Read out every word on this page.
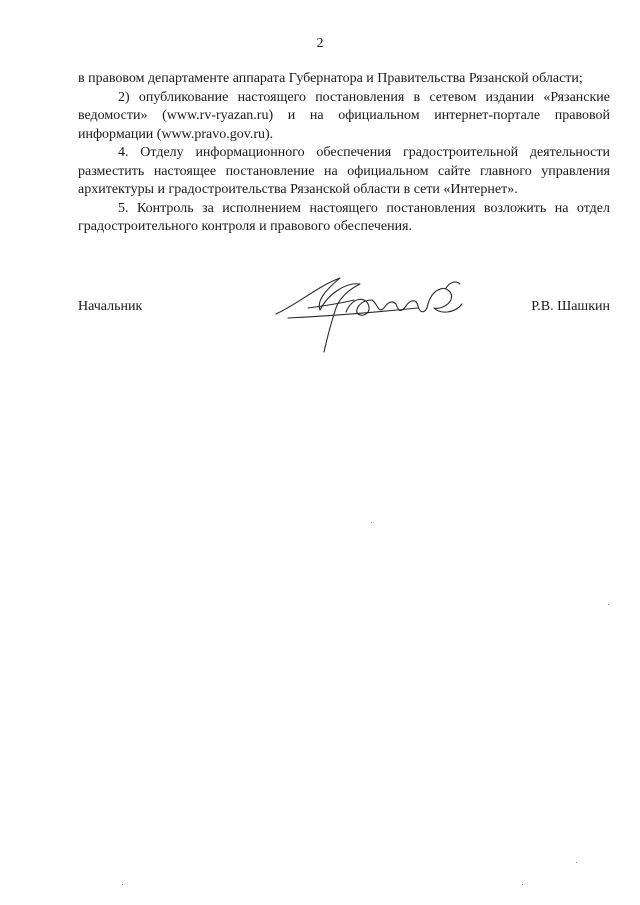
2

в правовом департаменте аппарата Губернатора и Правительства Рязанской области;

2) опубликование настоящего постановления в сетевом издании «Рязанские ведомости» (www.rv-ryazan.ru) и на официальном интернет-портале правовой информации (www.pravo.gov.ru).

4. Отделу информационного обеспечения градостроительной деятельности разместить настоящее постановление на официальном сайте главного управления архитектуры и градостроительства Рязанской области в сети «Интернет».

5. Контроль за исполнением настоящего постановления возложить на отдел градостроительного контроля и правового обеспечения.

Начальник	Р.В. Шашкин
